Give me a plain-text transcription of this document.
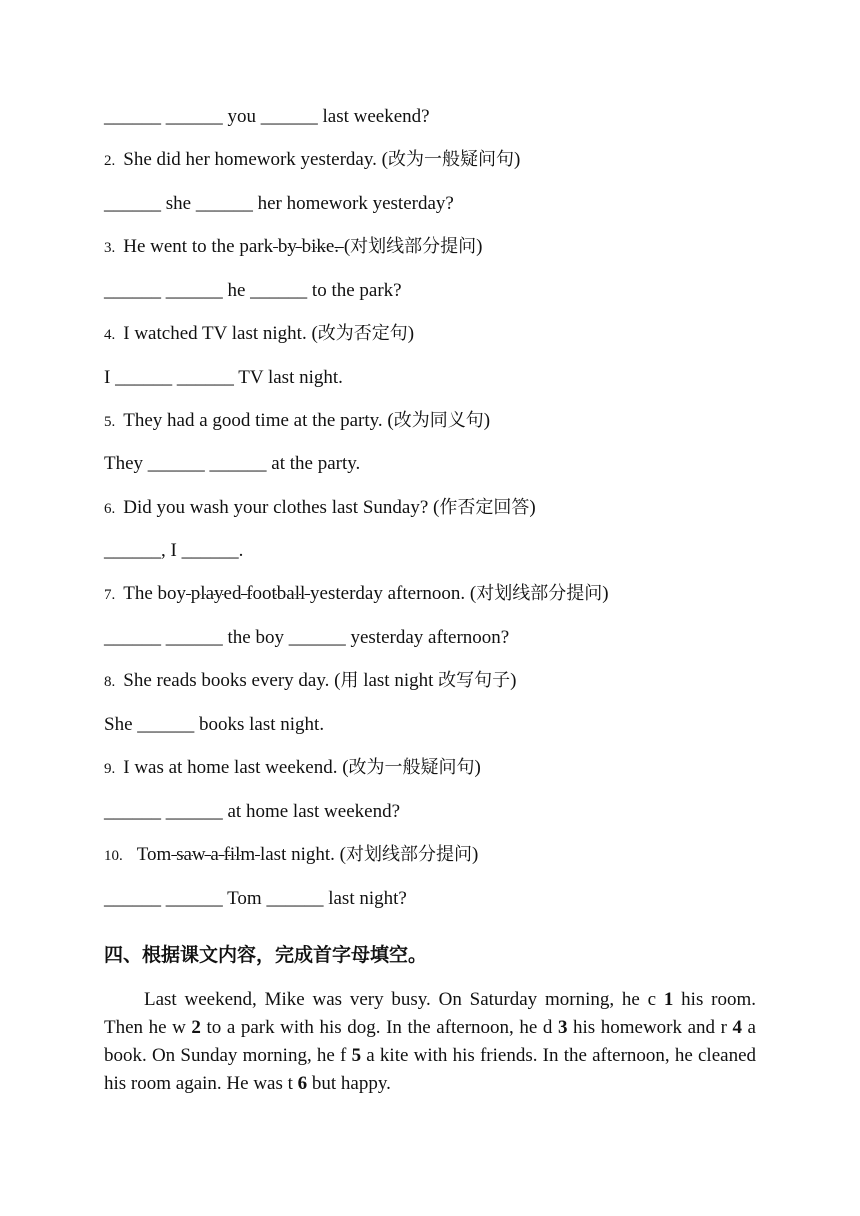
______ ______ you ______ last weekend?
2. She did her homework yesterday. (改为一般疑问句)
______ she ______ her homework yesterday?
3. He went to the park by bike. (对划线部分提问)
______ ______ he ______ to the park?
4. I watched TV last night. (改为否定句)
I ______ ______ TV last night.
5. They had a good time at the party. (改为同义句)
They ______ ______ at the party.
6. Did you wash your clothes last Sunday? (作否定回答)
______, I ______.
7. The boy played football yesterday afternoon. (对划线部分提问)
______ ______ the boy ______ yesterday afternoon?
8. She reads books every day. (用 last night 改写句子)
She ______ books last night.
9. I was at home last weekend. (改为一般疑问句)
______ ______ at home last weekend?
10. Tom saw a film last night. (对划线部分提问)
______ ______ Tom ______ last night?
四、根据课文内容，完成首字母填空。
Last weekend, Mike was very busy. On Saturday morning, he c 1 his room. Then he w 2 to a park with his dog. In the afternoon, he d 3 his homework and r 4 a book. On Sunday morning, he f 5 a kite with his friends. In the afternoon, he cleaned his room again. He was t 6 but happy.
